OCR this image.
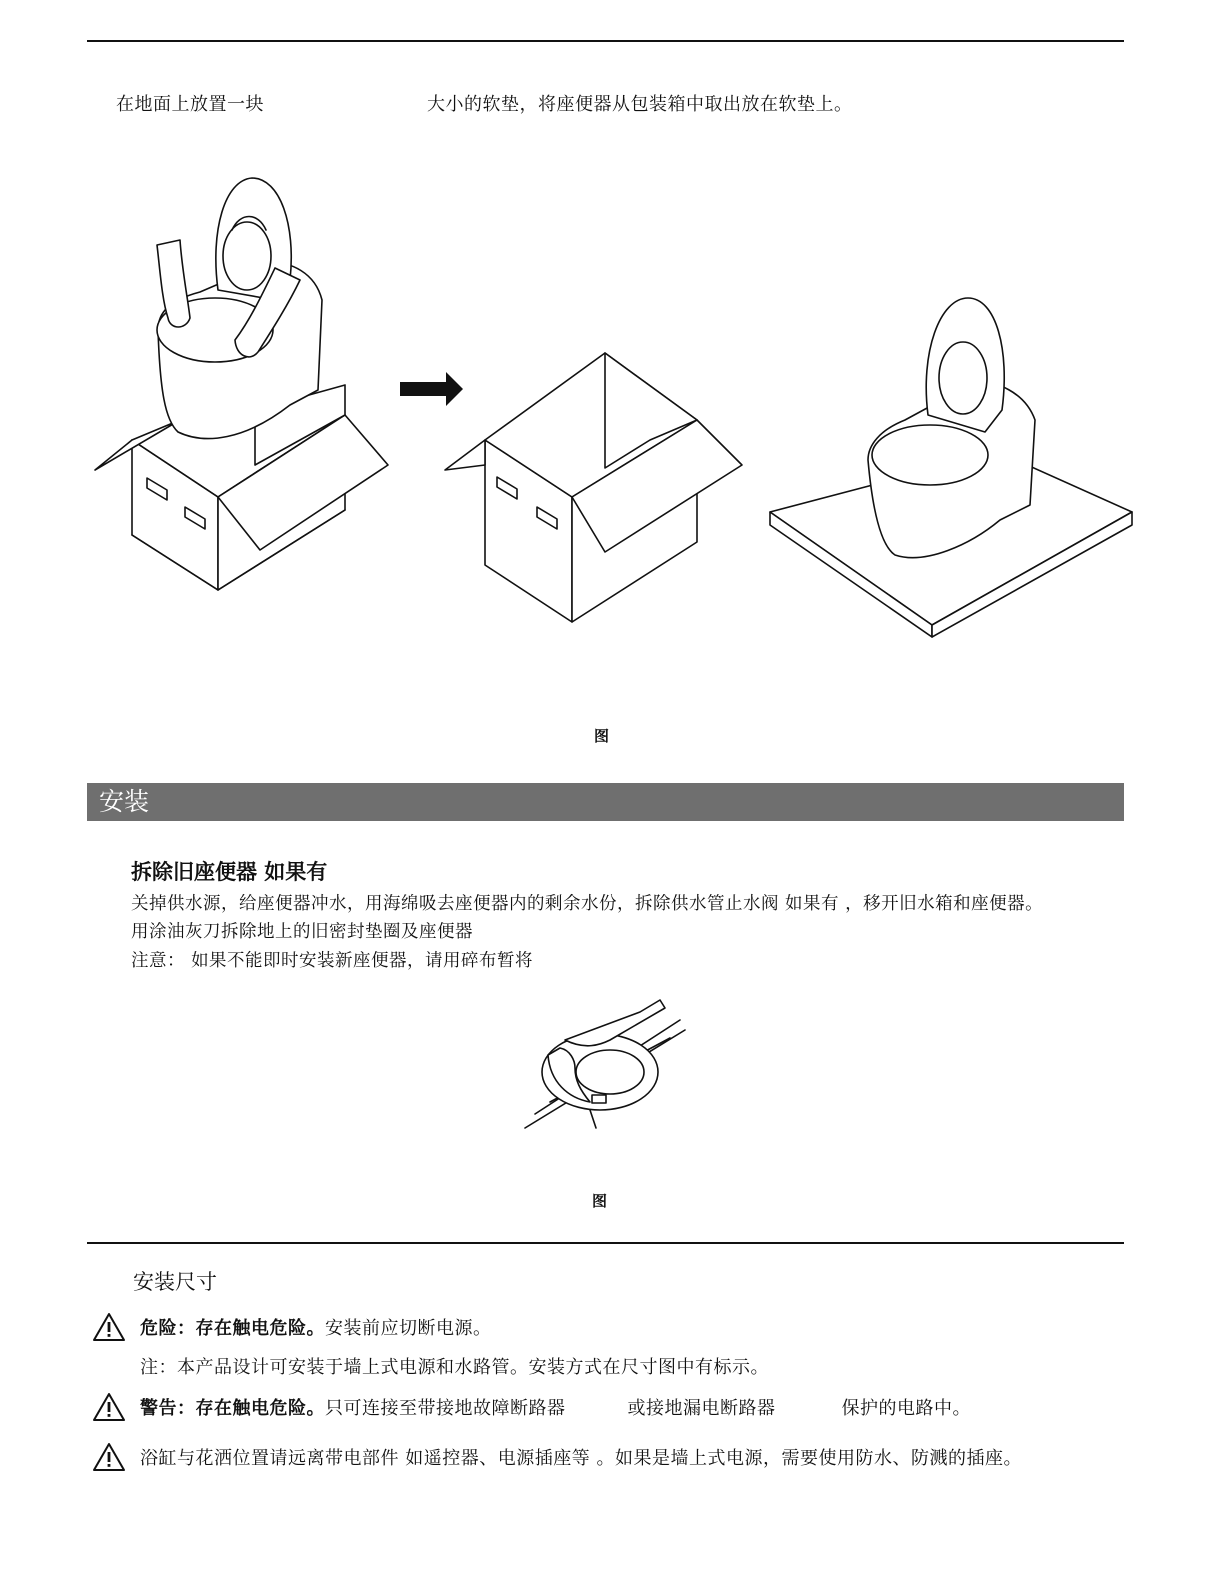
在地面上放置一块	大小的软垫，将座便器从包装箱中取出放在软垫上。
图
安装
拆除旧座便器 如果有
关掉供水源，给座便器冲水，用海绵吸去座便器内的剩余水份，拆除供水管止水阀 如果有 ，移开旧水箱和座便器。
用涂油灰刀拆除地上的旧密封垫圈及座便器
注意： 如果不能即时安装新座便器，请用碎布暂将
图
安装尺寸
危险：存在触电危险。安装前应切断电源。
注：本产品设计可安装于墙上式电源和水路管。安装方式在尺寸图中有标示。
警告：存在触电危险。只可连接至带接地故障断路器	或接地漏电断路器	保护的电路中。
浴缸与花洒位置请远离带电部件 如遥控器、电源插座等 。如果是墙上式电源，需要使用防水、防溅的插座。
